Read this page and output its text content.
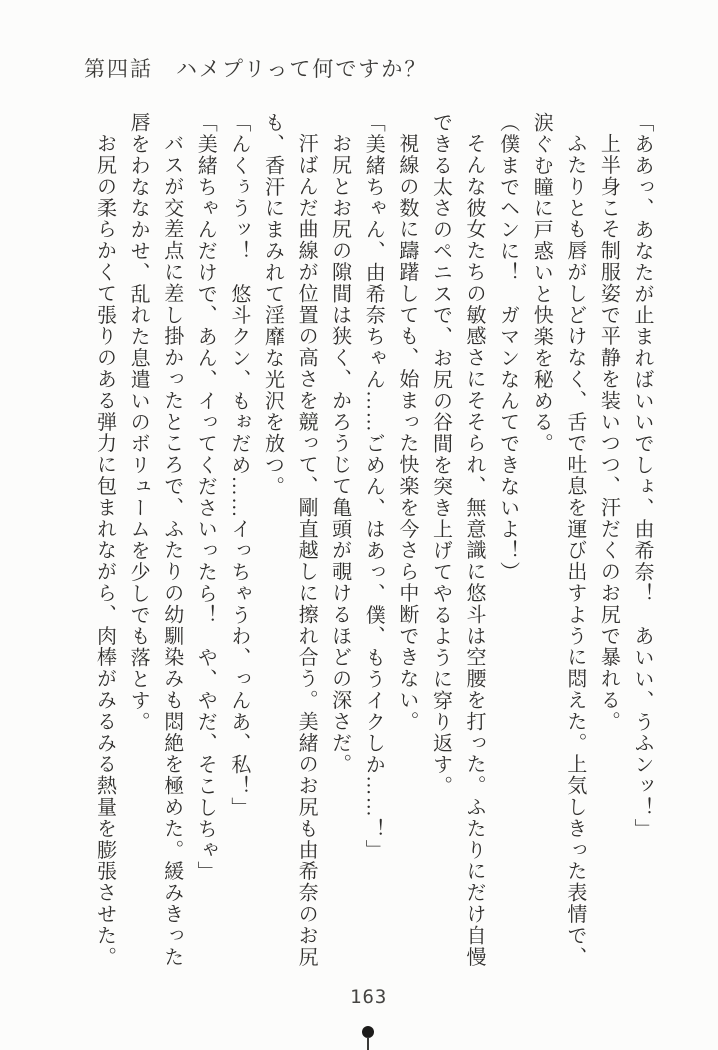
第四話　ハメプリって何ですか？

「ああっ、あなたが止まればいいでしょ、由希奈！　あいい、うふンッ！」

上半身こそ制服姿で平静を装いつつ、汗だくのお尻で暴れる。

ふたりとも唇がしどけなく、舌で吐息を運び出すように悶えた。上気しきった表情で、

涙ぐむ瞳に戸惑いと快楽を秘める。

（僕までヘンに！　ガマンなんてできないよ！）

そんな彼女たちの敏感さにそそられ、無意識に悠斗は空腰を打った。ふたりにだけ自慢

できる太さのペニスで、お尻の谷間を突き上げてやるように穿り返す。

視線の数に躊躇しても、始まった快楽を今さら中断できない。

「美緒ちゃん、由希奈ちゃん……ごめん、はあっ、僕、もうイクしか……！」

お尻とお尻の隙間は狭く、かろうじて亀頭が覗けるほどの深さだ。

汗ばんだ曲線が位置の高さを競って、剛直越しに擦れ合う。美緒のお尻も由希奈のお尻

も、香汗にまみれて淫靡な光沢を放つ。

「んくぅうッ！　悠斗クン、もぉだめ……イっちゃうわ、っんあ、私！」

「美緒ちゃんだけで、あん、イってくださいったら！　や、やだ、そこしちゃ」

バスが交差点に差し掛かったところで、ふたりの幼馴染みも悶絶を極めた。緩みきった

唇をわななかせ、乱れた息遣いのボリュームを少しでも落とす。

お尻の柔らかくて張りのある弾力に包まれながら、肉棒がみるみる熱量を膨張させた。

163
